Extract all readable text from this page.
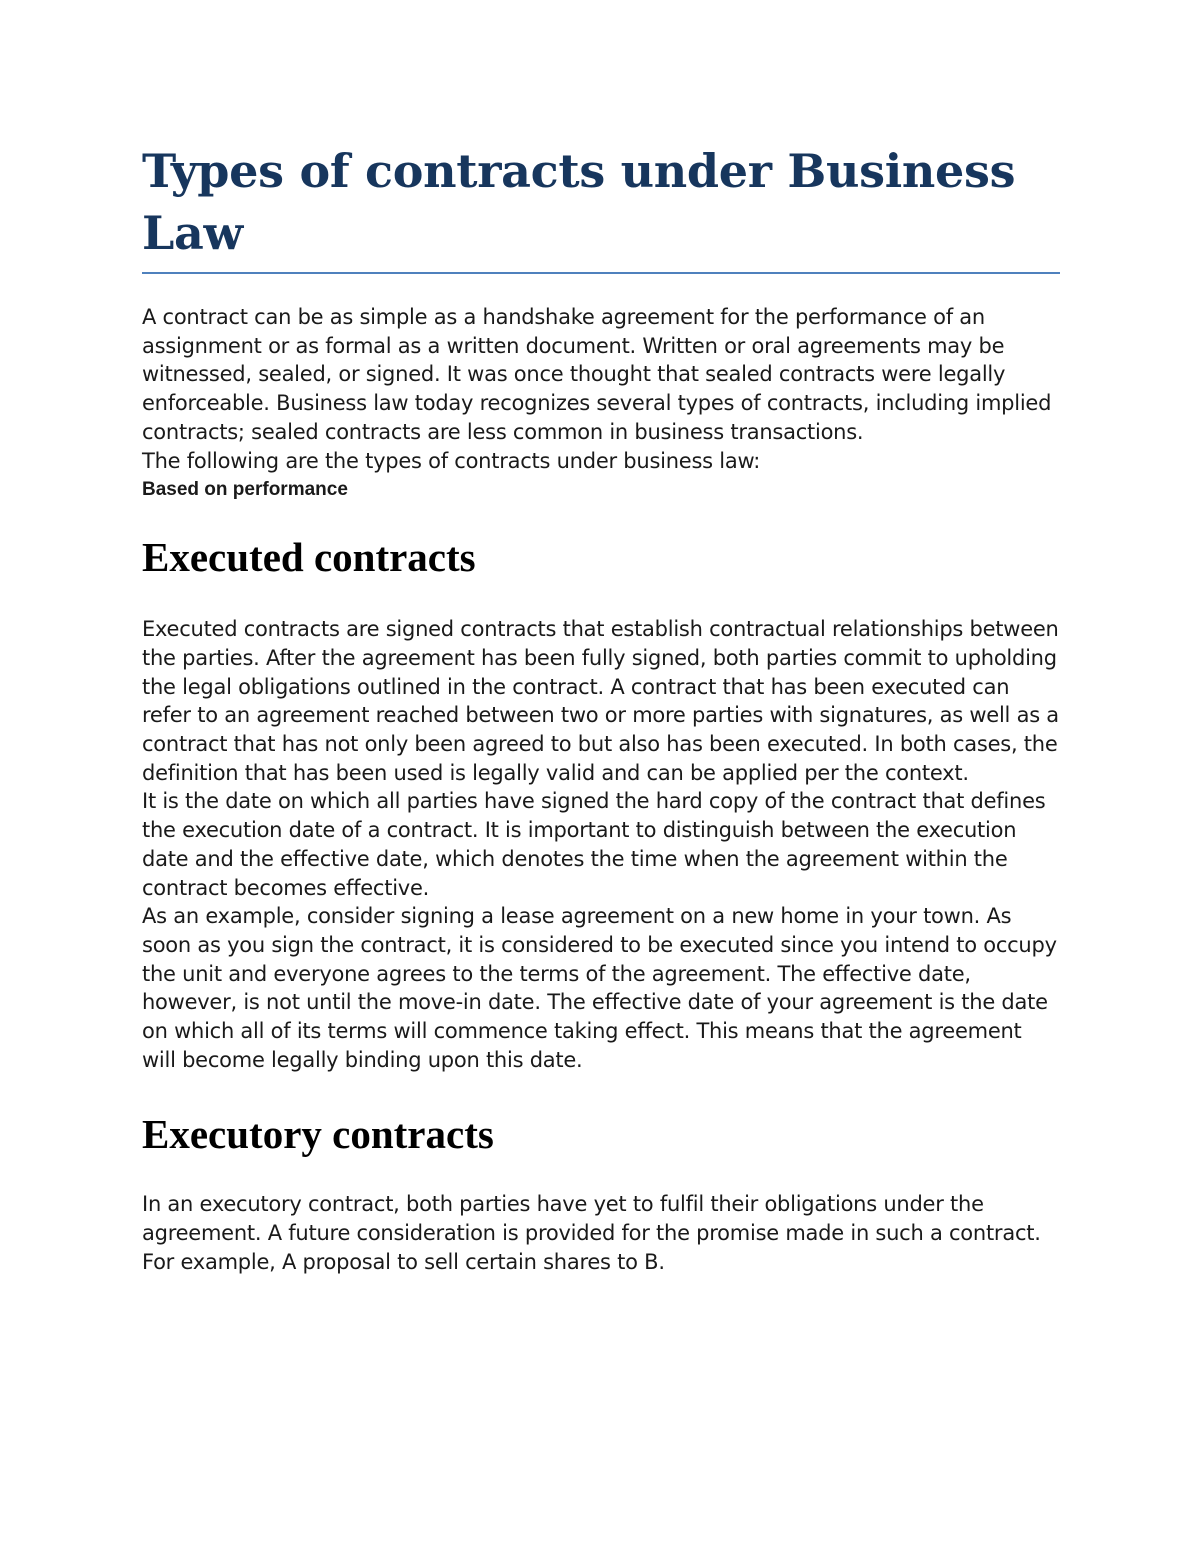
Types of contracts under Business Law

A contract can be as simple as a handshake agreement for the performance of an assignment or as formal as a written document. Written or oral agreements may be witnessed, sealed, or signed. It was once thought that sealed contracts were legally enforceable. Business law today recognizes several types of contracts, including implied contracts; sealed contracts are less common in business transactions.

The following are the types of contracts under business law:

Based on performance

Executed contracts

Executed contracts are signed contracts that establish contractual relationships between the parties. After the agreement has been fully signed, both parties commit to upholding the legal obligations outlined in the contract. A contract that has been executed can refer to an agreement reached between two or more parties with signatures, as well as a contract that has not only been agreed to but also has been executed. In both cases, the definition that has been used is legally valid and can be applied per the context.

It is the date on which all parties have signed the hard copy of the contract that defines the execution date of a contract. It is important to distinguish between the execution date and the effective date, which denotes the time when the agreement within the contract becomes effective.

As an example, consider signing a lease agreement on a new home in your town. As soon as you sign the contract, it is considered to be executed since you intend to occupy the unit and everyone agrees to the terms of the agreement. The effective date, however, is not until the move-in date. The effective date of your agreement is the date on which all of its terms will commence taking effect. This means that the agreement will become legally binding upon this date.

Executory contracts

In an executory contract, both parties have yet to fulfil their obligations under the agreement. A future consideration is provided for the promise made in such a contract. For example, A proposal to sell certain shares to B.
